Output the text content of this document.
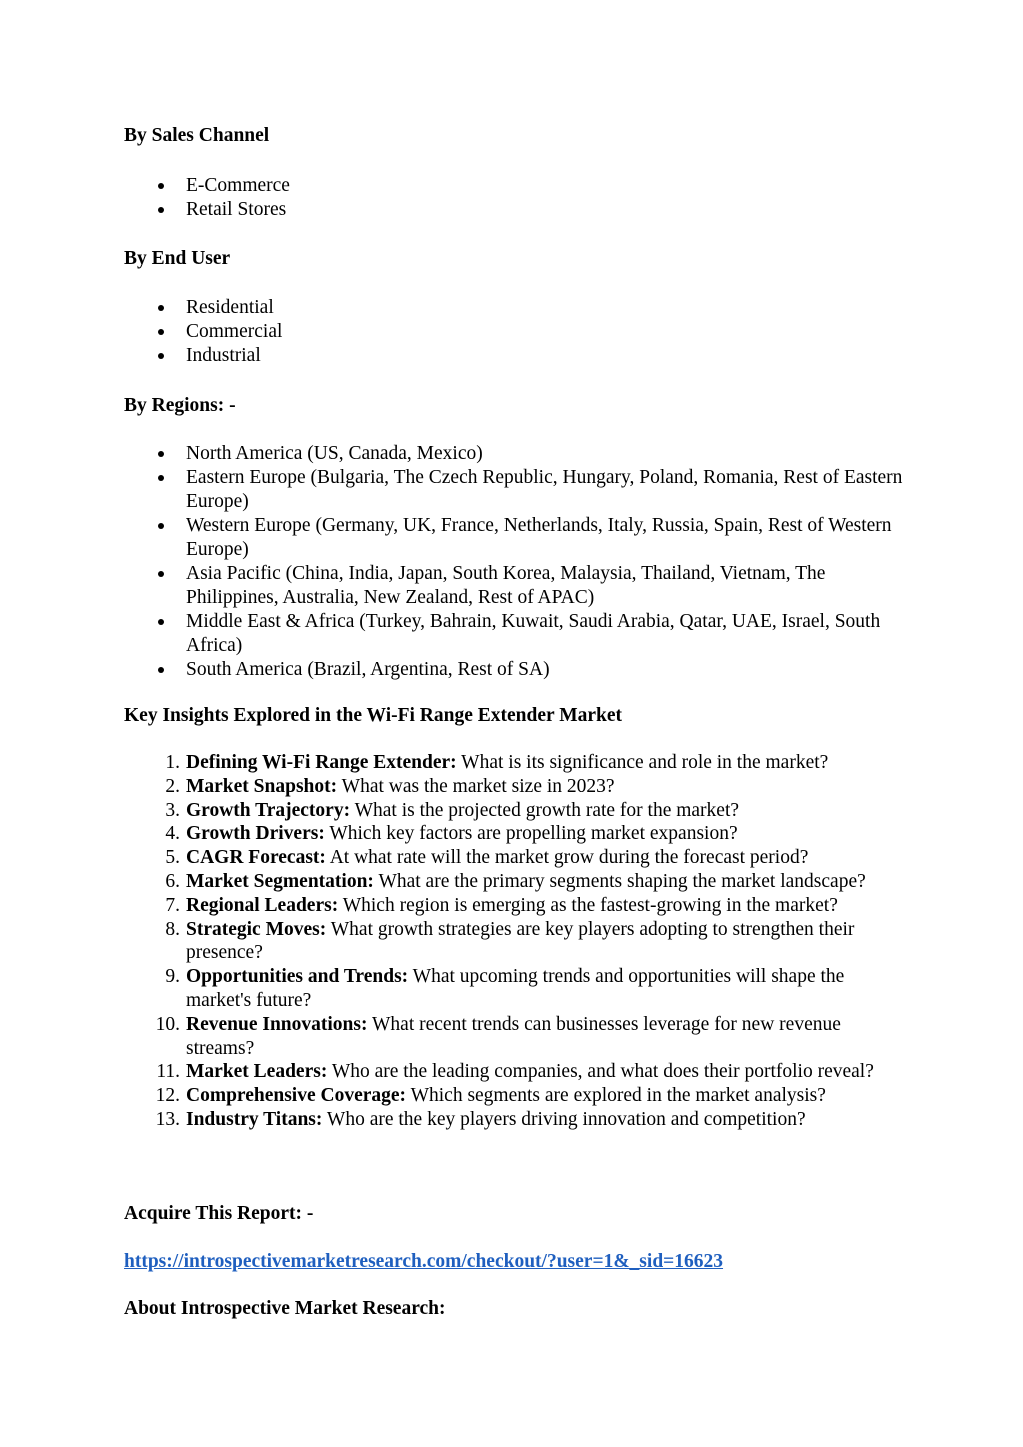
By Sales Channel
E-Commerce
Retail Stores
By End User
Residential
Commercial
Industrial
By Regions: -
North America (US, Canada, Mexico)
Eastern Europe (Bulgaria, The Czech Republic, Hungary, Poland, Romania, Rest of Eastern Europe)
Western Europe (Germany, UK, France, Netherlands, Italy, Russia, Spain, Rest of Western Europe)
Asia Pacific (China, India, Japan, South Korea, Malaysia, Thailand, Vietnam, The Philippines, Australia, New Zealand, Rest of APAC)
Middle East & Africa (Turkey, Bahrain, Kuwait, Saudi Arabia, Qatar, UAE, Israel, South Africa)
South America (Brazil, Argentina, Rest of SA)
Key Insights Explored in the Wi-Fi Range Extender Market
1. Defining Wi-Fi Range Extender: What is its significance and role in the market?
2. Market Snapshot: What was the market size in 2023?
3. Growth Trajectory: What is the projected growth rate for the market?
4. Growth Drivers: Which key factors are propelling market expansion?
5. CAGR Forecast: At what rate will the market grow during the forecast period?
6. Market Segmentation: What are the primary segments shaping the market landscape?
7. Regional Leaders: Which region is emerging as the fastest-growing in the market?
8. Strategic Moves: What growth strategies are key players adopting to strengthen their presence?
9. Opportunities and Trends: What upcoming trends and opportunities will shape the market's future?
10. Revenue Innovations: What recent trends can businesses leverage for new revenue streams?
11. Market Leaders: Who are the leading companies, and what does their portfolio reveal?
12. Comprehensive Coverage: Which segments are explored in the market analysis?
13. Industry Titans: Who are the key players driving innovation and competition?
Acquire This Report: -
https://introspectivemarketresearch.com/checkout/?user=1&_sid=16623
About Introspective Market Research:
